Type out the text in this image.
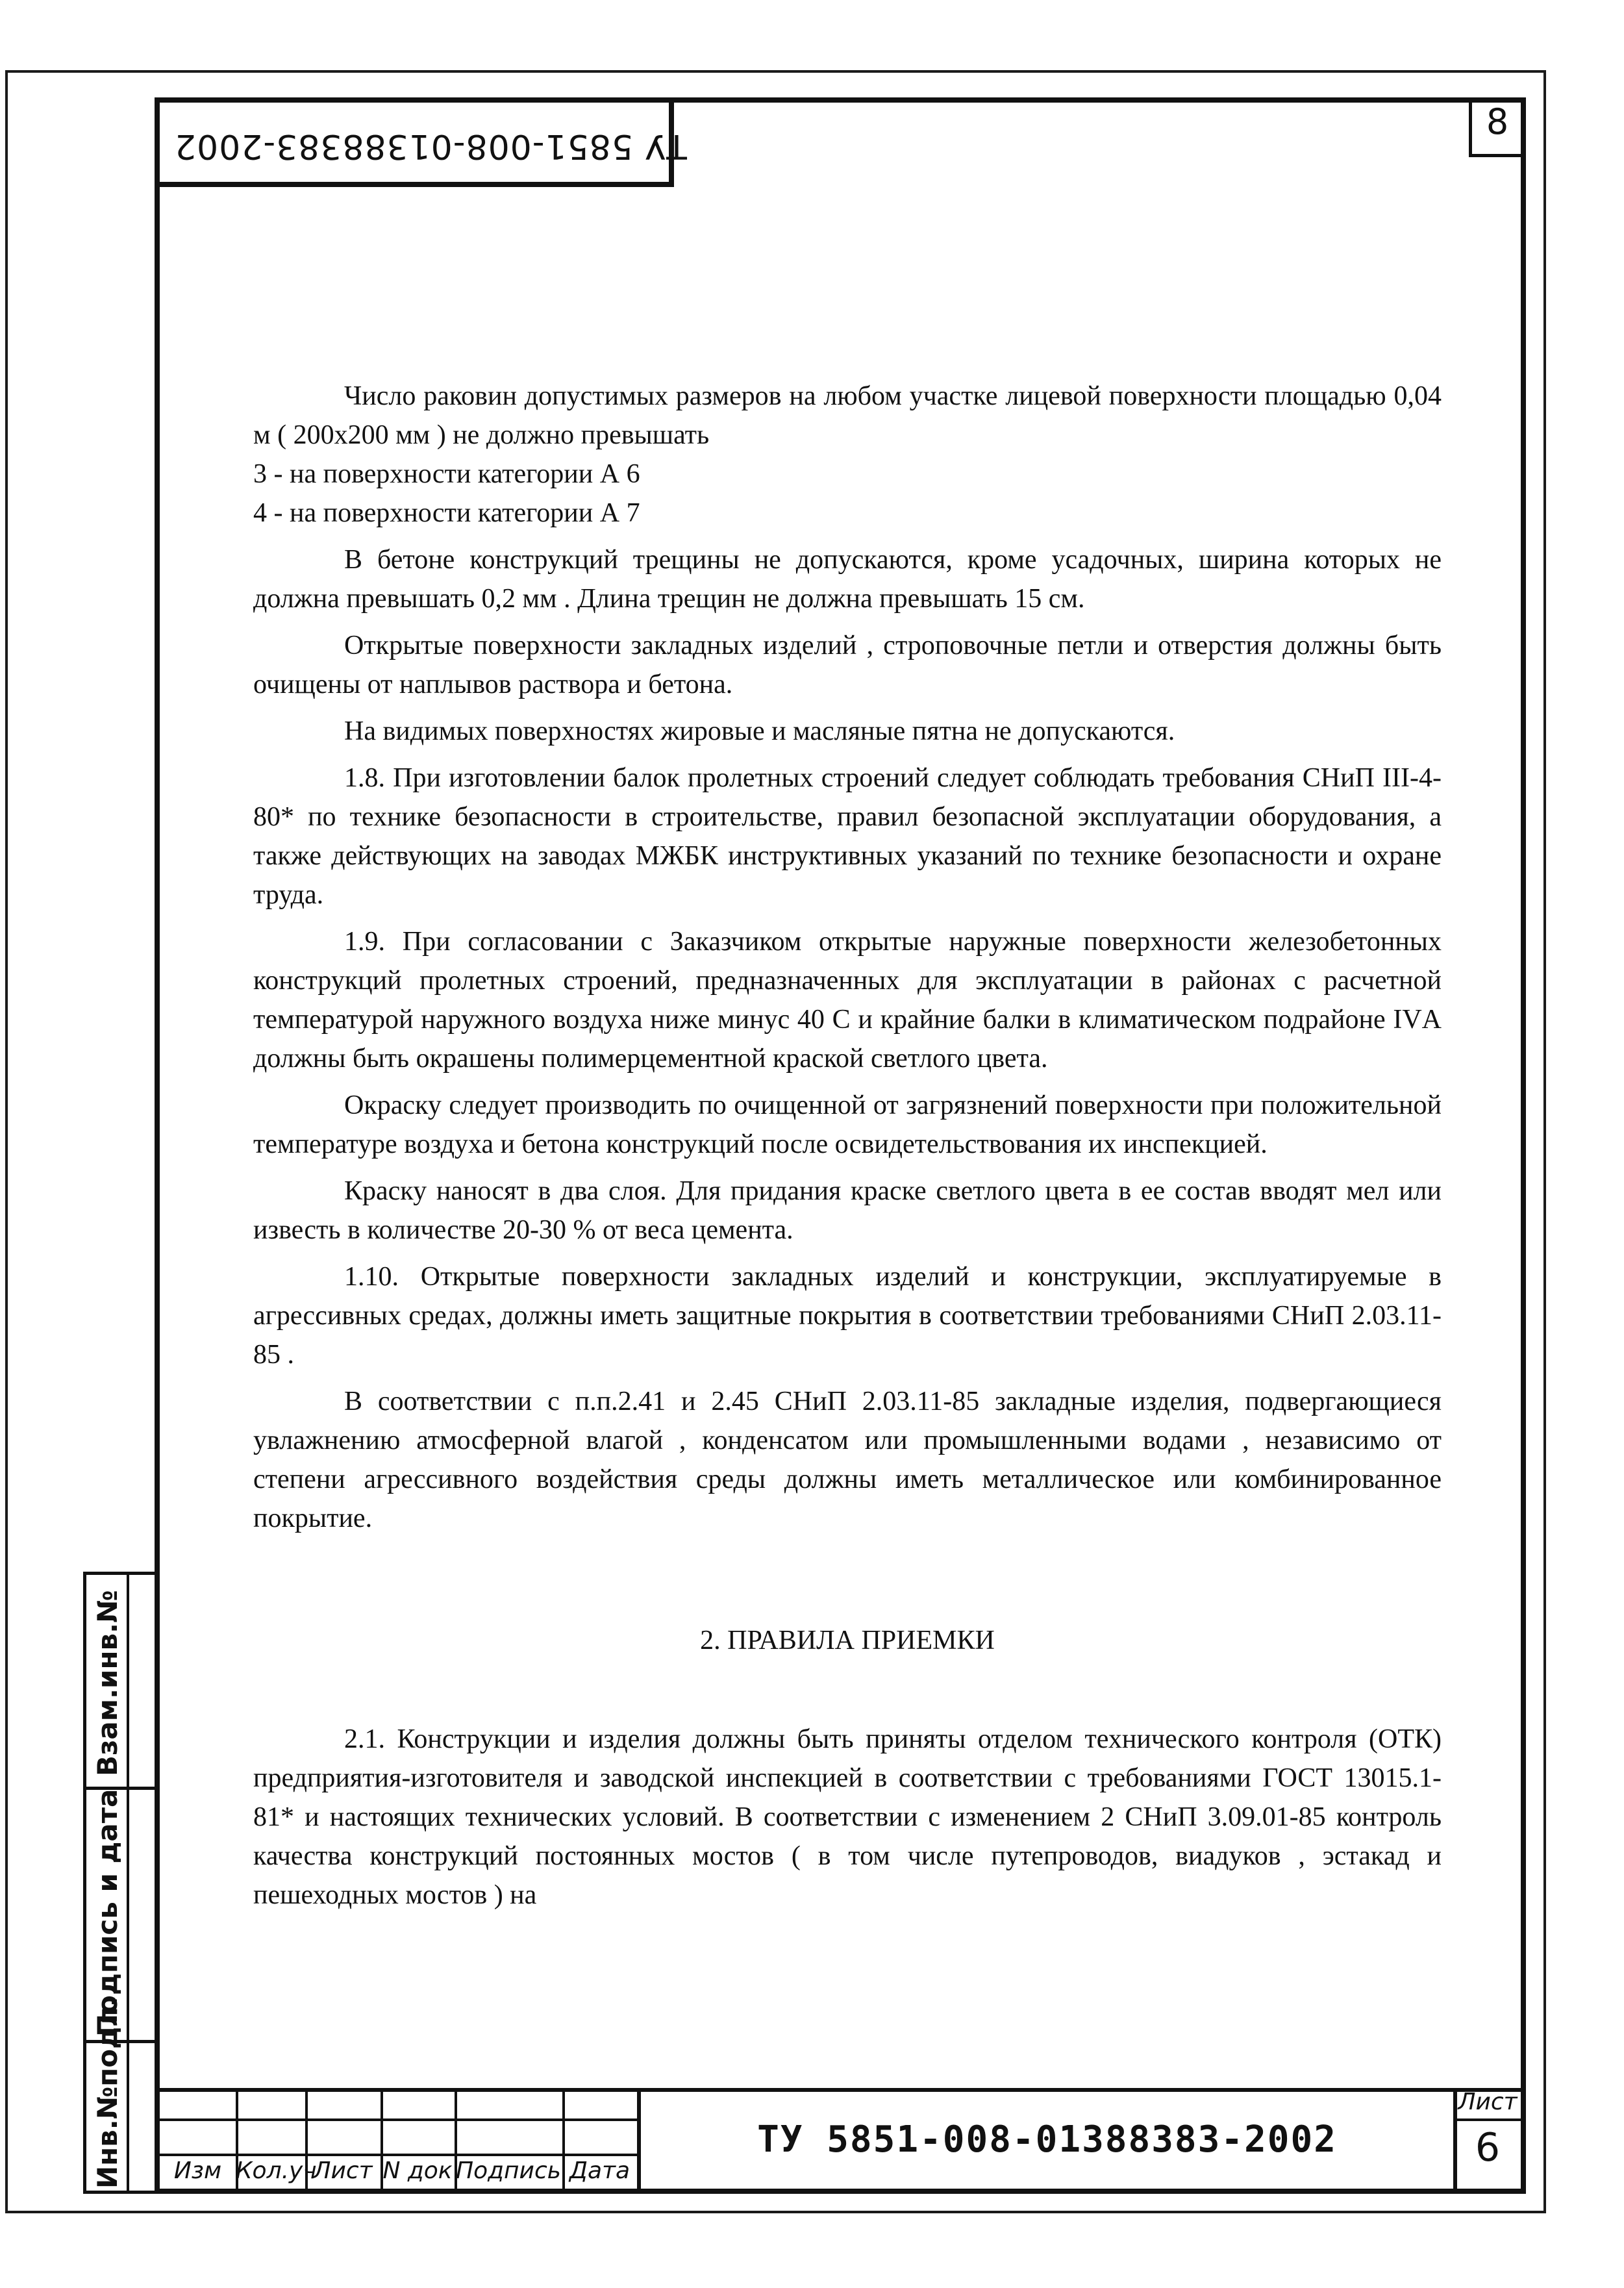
ТУ 5851-008-01388383-2002
8
Взам.инв.№
Подпись и дата
Инв.№подл.

Число раковин допустимых размеров на любом участке лицевой поверхности площадью 0,04 м ( 200х200 мм ) не должно превышать

3 - на поверхности категории А 6

4 - на поверхности категории А 7

В бетоне конструкций трещины не допускаются, кроме усадочных, ширина которых не должна превышать 0,2 мм . Длина трещин не должна превышать 15 см.

Открытые поверхности закладных изделий , строповочные петли и отверстия должны быть очищены от наплывов раствора и бетона.

На видимых поверхностях жировые и масляные пятна не допускаются.

1.8. При изготовлении балок пролетных строений следует соблюдать требования СНиП III-4-80* по технике безопасности в строительстве, правил безопасной эксплуатации оборудования, а также действующих на заводах МЖБК инструктивных указаний по технике безопасности и охране труда.

1.9. При согласовании с Заказчиком открытые наружные поверхности железобетонных конструкций пролетных строений, предназначенных для эксплуатации в районах с расчетной температурой наружного воздуха ниже минус 40 С и крайние балки в климатическом подрайоне IVА должны быть окрашены полимерцементной краской светлого цвета.

Окраску следует производить по очищенной от загрязнений поверхности при положительной температуре воздуха и бетона конструкций после освидетельствования их инспекцией.

Краску наносят в два слоя. Для придания краске светлого цвета в ее состав вводят мел или известь в количестве 20-30 % от веса цемента.

1.10. Открытые поверхности закладных изделий и конструкции, эксплуатируемые в агрессивных средах, должны иметь защитные покрытия в соответствии требованиями СНиП 2.03.11-85 .

В соответствии с п.п.2.41 и 2.45 СНиП 2.03.11-85 закладные изделия, подвергающиеся увлажнению атмосферной влагой , конденсатом или промышленными водами , независимо от степени агрессивного воздействия среды должны иметь металлическое или комбинированное покрытие.

2. ПРАВИЛА ПРИЕМКИ

2.1. Конструкции и изделия должны быть приняты отделом технического контроля (ОТК) предприятия-изготовителя и заводской инспекцией в соответствии с требованиями ГОСТ 13015.1-81* и настоящих технических условий. В соответствии с изменением 2 СНиП 3.09.01-85 контроль качества конструкций постоянных мостов ( в том числе путепроводов, виадуков , эстакад и пешеходных мостов ) на

Изм Кол.уч
Лист N док Подпись Дата
ТУ 5851-008-01388383-2002
Лист
6
